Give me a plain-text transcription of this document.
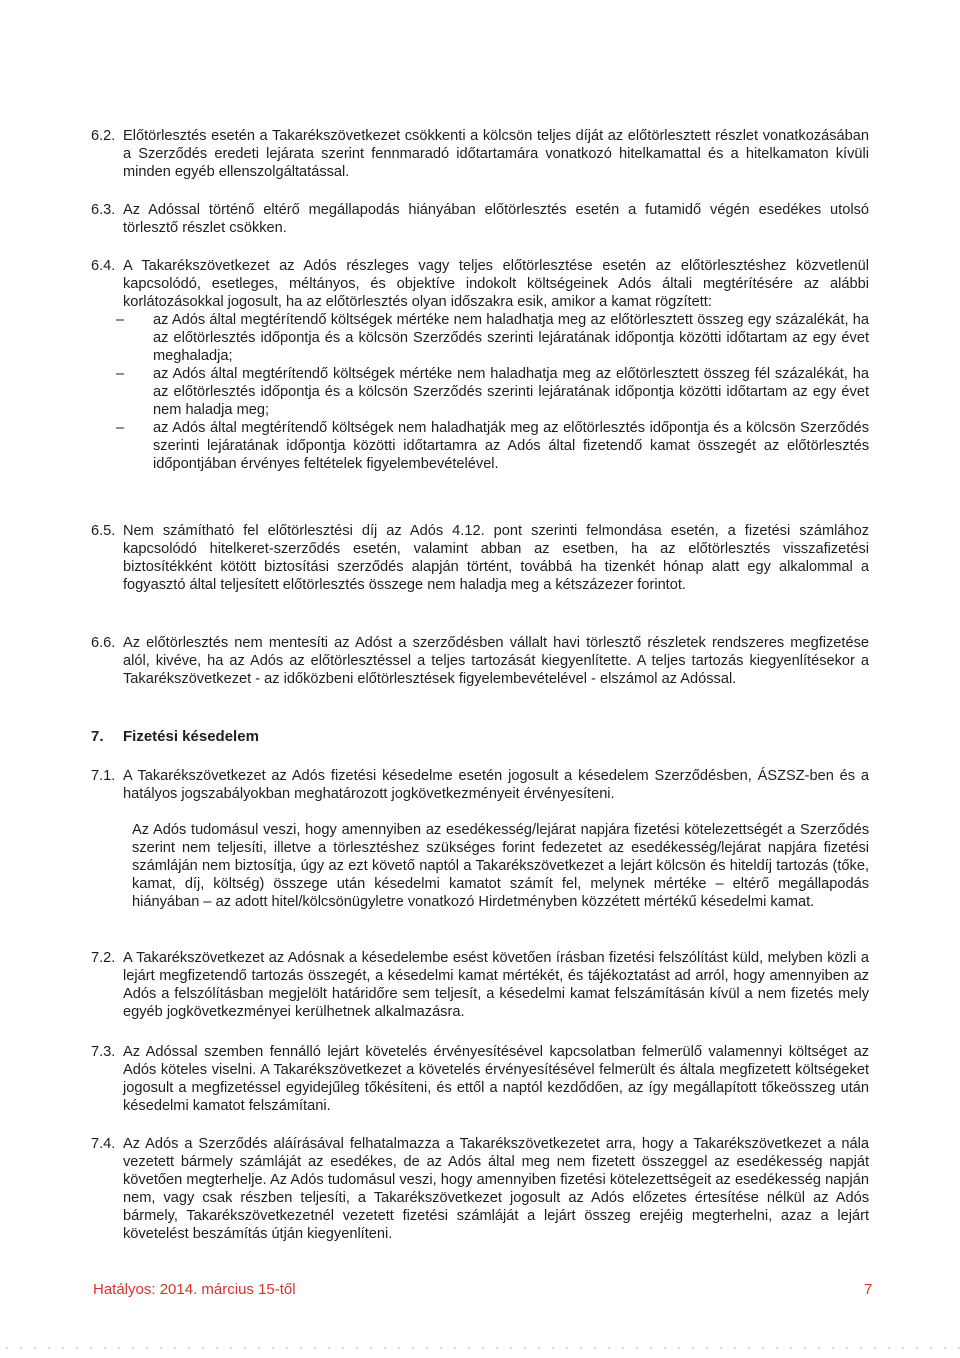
6.2. Előtörlesztés esetén a Takarékszövetkezet csökkenti a kölcsön teljes díját az előtörlesztett részlet vonatkozásában a Szerződés eredeti lejárata szerint fennmaradó időtartamára vonatkozó hitelkamattal és a hitelkamaton kívüli minden egyéb ellenszolgáltatással.

6.3. Az Adóssal történő eltérő megállapodás hiányában előtörlesztés esetén a futamidő végén esedékes utolsó törlesztő részlet csökken.

6.4. A Takarékszövetkezet az Adós részleges vagy teljes előtörlesztése esetén az előtörlesztéshez közvetlenül kapcsolódó, esetleges, méltányos, és objektíve indokolt költségeinek Adós általi megtérítésére az alábbi korlátozásokkal jogosult, ha az előtörlesztés olyan időszakra esik, amikor a kamat rögzített:

– az Adós által megtérítendő költségek mértéke nem haladhatja meg az előtörlesztett összeg egy százalékát, ha az előtörlesztés időpontja és a kölcsön Szerződés szerinti lejáratának időpontja közötti időtartam az egy évet meghaladja;

– az Adós által megtérítendő költségek mértéke nem haladhatja meg az előtörlesztett összeg fél százalékát, ha az előtörlesztés időpontja és a kölcsön Szerződés szerinti lejáratának időpontja közötti időtartam az egy évet nem haladja meg;

– az Adós által megtérítendő költségek nem haladhatják meg az előtörlesztés időpontja és a kölcsön Szerződés szerinti lejáratának időpontja közötti időtartamra az Adós által fizetendő kamat összegét az előtörlesztés időpontjában érvényes feltételek figyelembevételével.

6.5. Nem számítható fel előtörlesztési díj az Adós 4.12. pont szerinti felmondása esetén, a fizetési számlához kapcsolódó hitelkeret-szerződés esetén, valamint abban az esetben, ha az előtörlesztés visszafizetési biztosítékként kötött biztosítási szerződés alapján történt, továbbá ha tizenkét hónap alatt egy alkalommal a fogyasztó által teljesített előtörlesztés összege nem haladja meg a kétszázezer forintot.

6.6. Az előtörlesztés nem mentesíti az Adóst a szerződésben vállalt havi törlesztő részletek rendszeres megfizetése alól, kivéve, ha az Adós az előtörlesztéssel a teljes tartozását kiegyenlítette. A teljes tartozás kiegyenlítésekor a Takarékszövetkezet - az időközbeni előtörlesztések figyelembevételével - elszámol az Adóssal.

7. Fizetési késedelem
7.1. A Takarékszövetkezet az Adós fizetési késedelme esetén jogosult a késedelem Szerződésben, ÁSZSZ-ben és a hatályos jogszabályokban meghatározott jogkövetkezményeit érvényesíteni.

Az Adós tudomásul veszi, hogy amennyiben az esedékesség/lejárat napjára fizetési kötelezettségét a Szerződés szerint nem teljesíti, illetve a törlesztéshez szükséges forint fedezetet az esedékesség/lejárat napjára fizetési számláján nem biztosítja, úgy az ezt követő naptól a Takarékszövetkezet a lejárt kölcsön és hiteldíj tartozás (tőke, kamat, díj, költség) összege után késedelmi kamatot számít fel, melynek mértéke – eltérő megállapodás hiányában – az adott hitel/kölcsönügyletre vonatkozó Hirdetményben közzétett mértékű késedelmi kamat.

7.2. A Takarékszövetkezet az Adósnak a késedelembe esést követően írásban fizetési felszólítást küld, melyben közli a lejárt megfizetendő tartozás összegét, a késedelmi kamat mértékét, és tájékoztatást ad arról, hogy amennyiben az Adós a felszólításban megjelölt határidőre sem teljesít, a késedelmi kamat felszámításán kívül a nem fizetés mely egyéb jogkövetkezményei kerülhetnek alkalmazásra.

7.3. Az Adóssal szemben fennálló lejárt követelés érvényesítésével kapcsolatban felmerülő valamennyi költséget az Adós köteles viselni. A Takarékszövetkezet a követelés érvényesítésével felmerült és általa megfizetett költségeket jogosult a megfizetéssel egyidejűleg tőkésíteni, és ettől a naptól kezdődően, az így megállapított tőkeösszeg után késedelmi kamatot felszámítani.

7.4. Az Adós a Szerződés aláírásával felhatalmazza a Takarékszövetkezetet arra, hogy a Takarékszövetkezet a nála vezetett bármely számláját az esedékes, de az Adós által meg nem fizetett összeggel az esedékesség napját követően megterhelje. Az Adós tudomásul veszi, hogy amennyiben fizetési kötelezettségeit az esedékesség napján nem, vagy csak részben teljesíti, a Takarékszövetkezet jogosult az Adós előzetes értesítése nélkül az Adós bármely, Takarékszövetkezetnél vezetett fizetési számláját a lejárt összeg erejéig megterhelni, azaz a lejárt követelést beszámítás útján kiegyenlíteni.

Hatályos: 2014. március 15-től	7
